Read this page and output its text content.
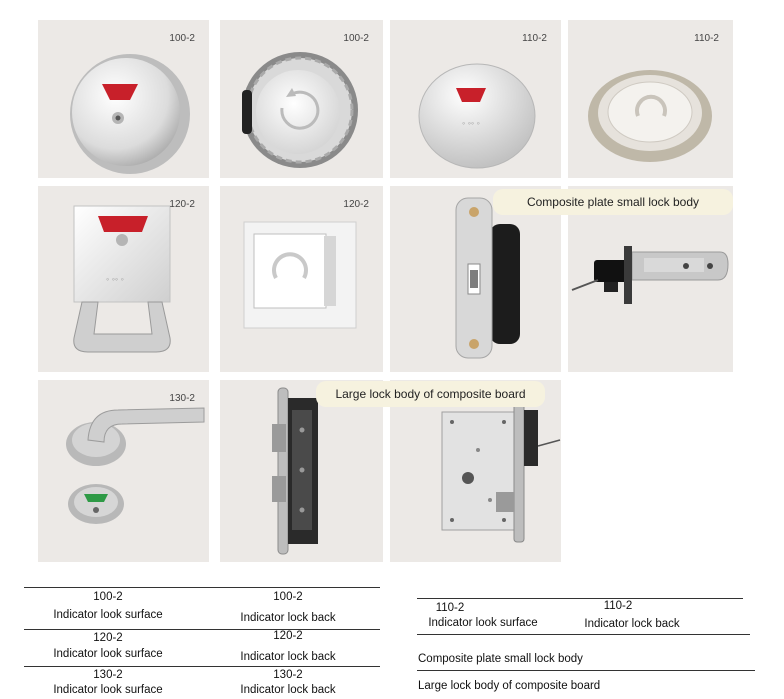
100-2	100-2
◦ ◦◦ ◦
110-2	110-2
◦ ◦◦ ◦
120-2	120-2	Composite plate small lock body
130-2	Large lock body of composite board
100-2	100-2
Indicator look surface	Indicator lock back
120-2	120-2
Indicator look surface	Indicator lock back
130-2	130-2
Indicator look surface	Indicator lock back
110-2	110-2
Indicator look surface	Indicator lock back
Composite plate small lock body
Large lock body of composite board
